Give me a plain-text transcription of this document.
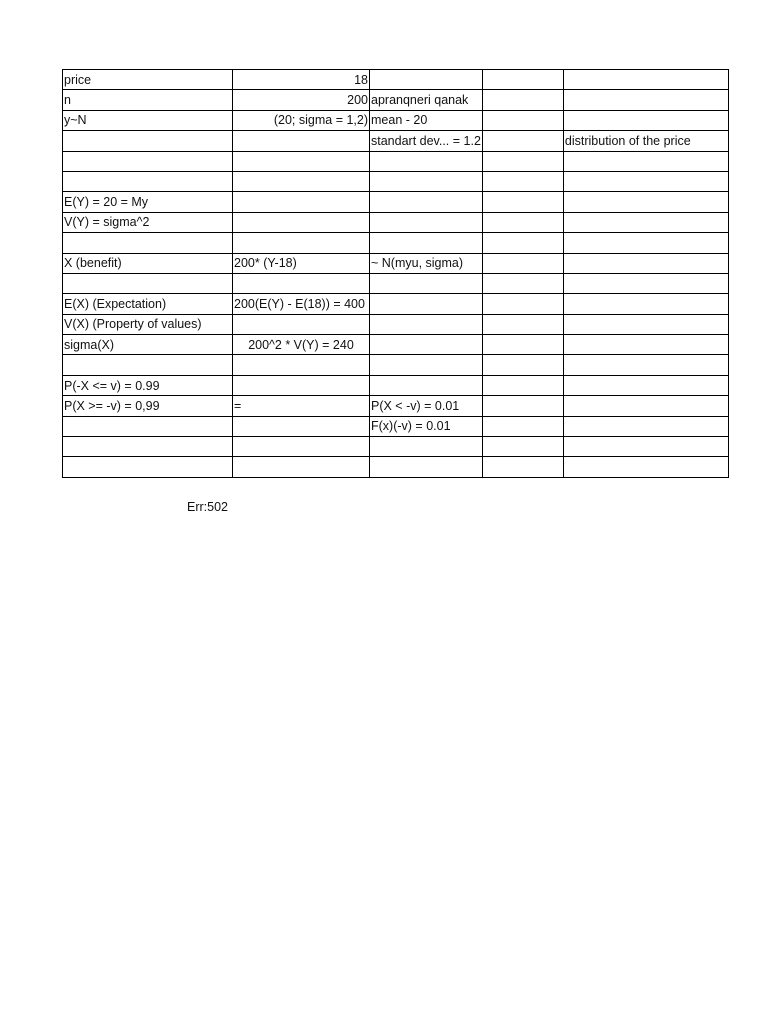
price	18			
n	200	apranqneri qanak		
y~N	(20; sigma = 1,2)	mean - 20		
		standart dev... = 1.2		distribution of the price

E(Y) = 20 = My				
V(Y) = sigma^2				

X (benefit)	200* (Y-18)	~ N(myu, sigma)		

E(X) (Expectation)	200(E(Y) - E(18)) = 400			
V(X) (Property of values)				
sigma(X)	200^2 * V(Y) = 240			

P(-X <= v) = 0.99				
P(X >= -v) = 0,99	=	P(X < -v) = 0.01		
		F(x)(-v) = 0.01		

Err:502
